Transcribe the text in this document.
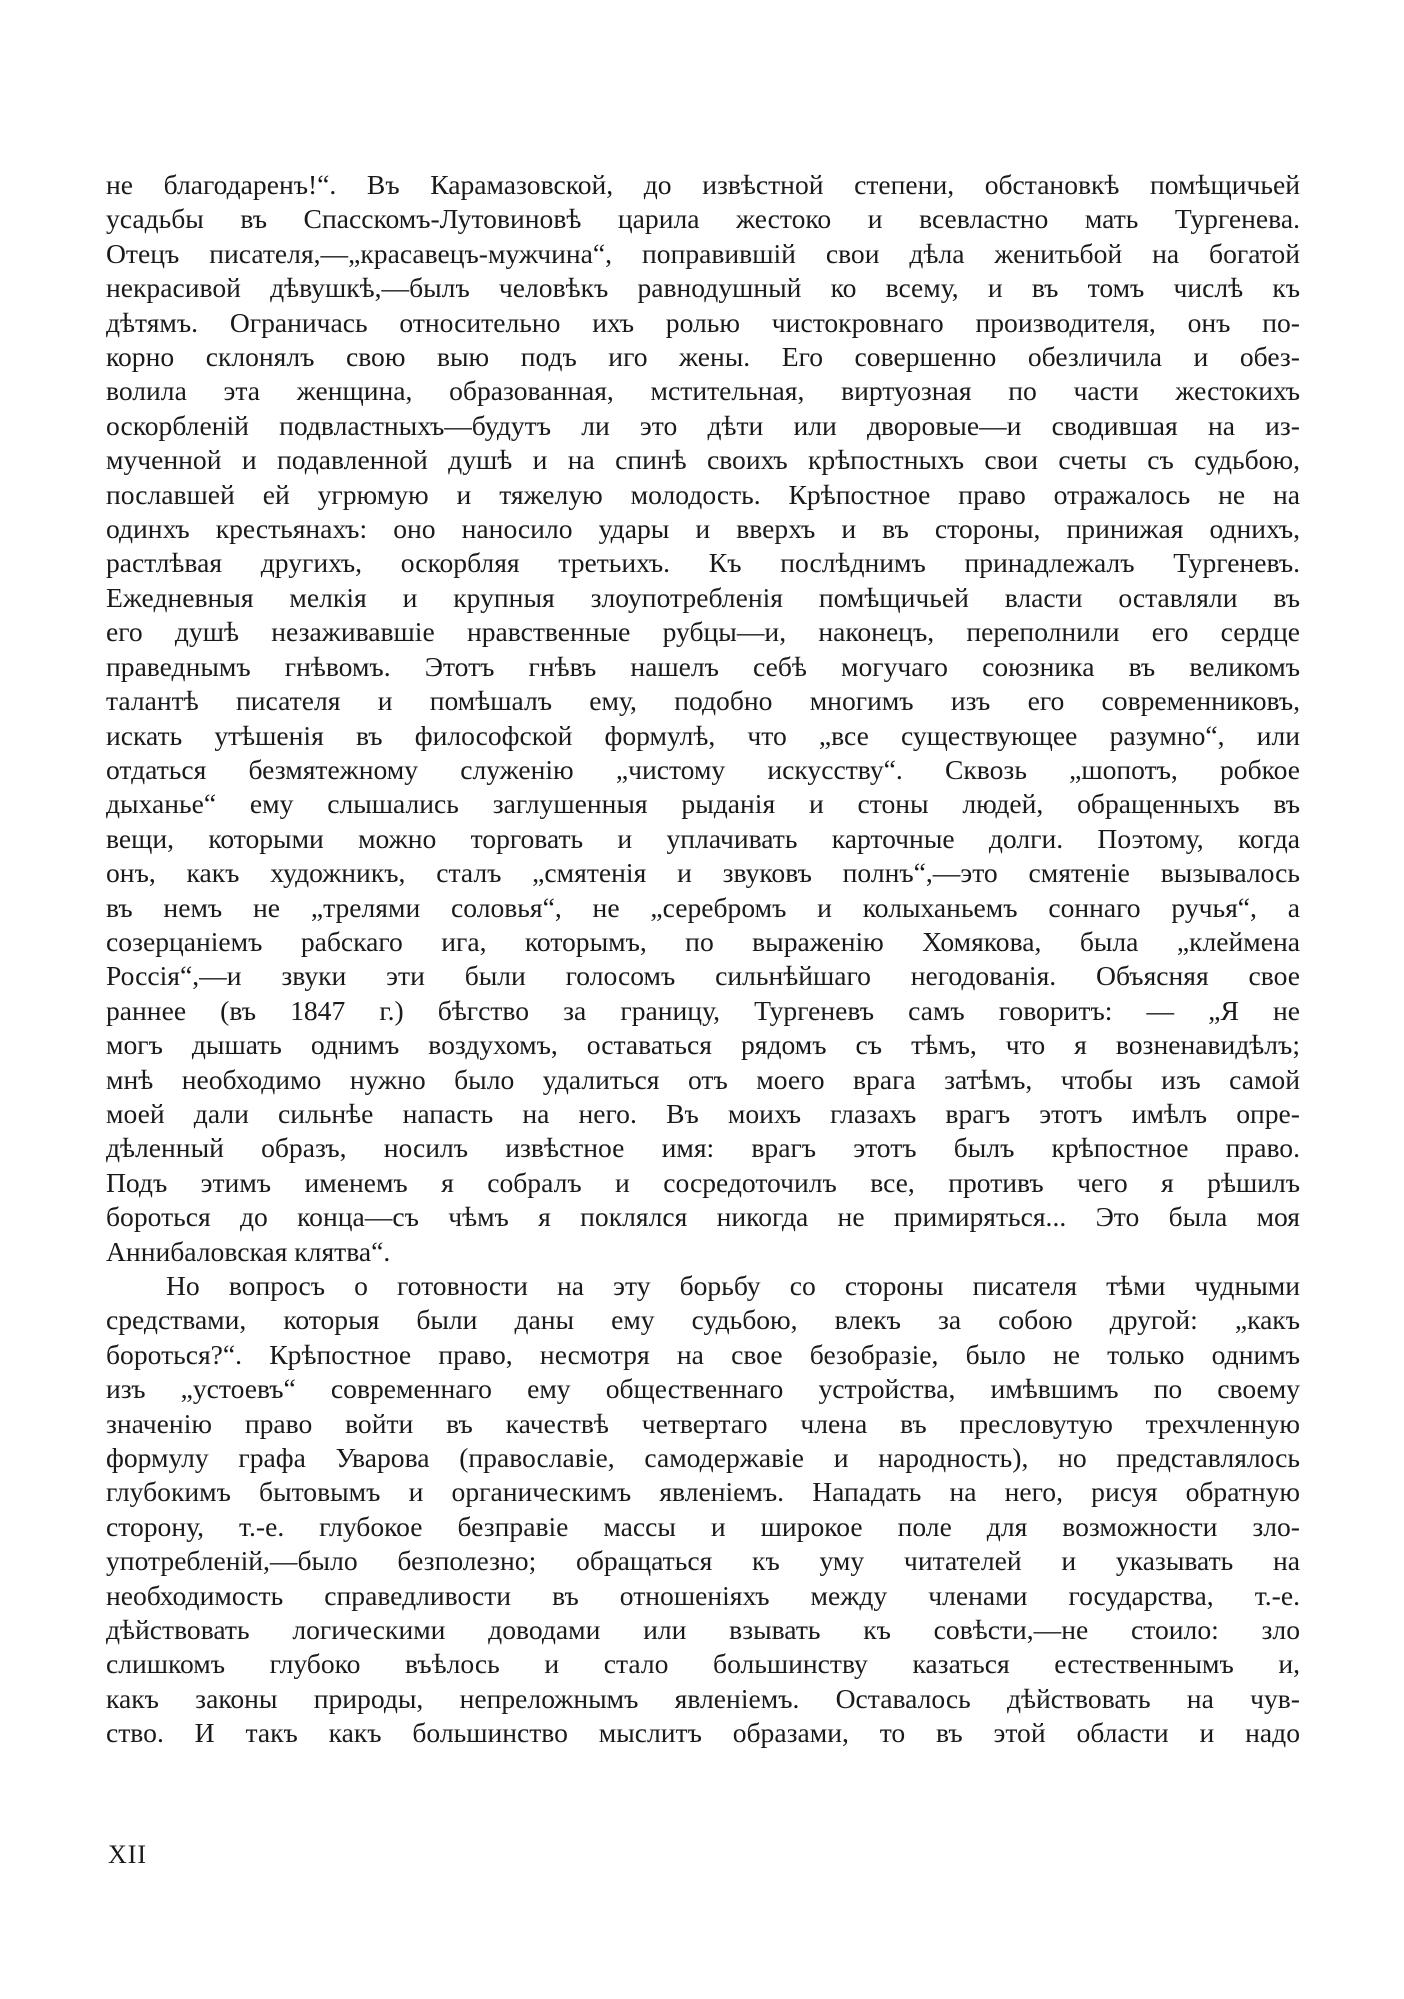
не благодаренъ!“. Въ Карамазовской, до извѣстной степени, обстановкѣ помѣщичьей
усадьбы въ Спасскомъ-Лутовиновѣ царила жестоко и всевластно мать Тургенева.
Отецъ писателя,—„красавецъ-мужчина“, поправившій свои дѣла женитьбой на богатой
некрасивой дѣвушкѣ,—былъ человѣкъ равнодушный ко всему, и въ томъ числѣ къ
дѣтямъ. Ограничась относительно ихъ ролью чистокровнаго производителя, онъ по-
корно склонялъ свою выю подъ иго жены. Его совершенно обезличила и обез-
волила эта женщина, образованная, мстительная, виртуозная по части жестокихъ
оскорбленій подвластныхъ—будутъ ли это дѣти или дворовые—и сводившая на из-
мученной и подавленной душѣ и на спинѣ своихъ крѣпостныхъ свои счеты съ судьбою,
пославшей ей угрюмую и тяжелую молодость. Крѣпостное право отражалось не на
одинхъ крестьянахъ: оно наносило удары и вверхъ и въ стороны, принижая однихъ,
растлѣвая другихъ, оскорбляя третьихъ. Къ послѣднимъ принадлежалъ Тургеневъ.
Ежедневныя мелкія и крупныя злоупотребленія помѣщичьей власти оставляли въ
его душѣ незаживавшіе нравственные рубцы—и, наконецъ, переполнили его сердце
праведнымъ гнѣвомъ. Этотъ гнѣвъ нашелъ себѣ могучаго союзника въ великомъ
талантѣ писателя и помѣшалъ ему, подобно многимъ изъ его современниковъ,
искать утѣшенія въ философской формулѣ, что „все существующее разумно“, или
отдаться безмятежному служенію „чистому искусству“. Сквозь „шопотъ, робкое
дыханье“ ему слышались заглушенныя рыданія и стоны людей, обращенныхъ въ
вещи, которыми можно торговать и уплачивать карточные долги. Поэтому, когда
онъ, какъ художникъ, сталъ „смятенія и звуковъ полнъ“,—это смятеніе вызывалось
въ немъ не „трелями соловья“, не „серебромъ и колыханьемъ соннаго ручья“, а
созерцаніемъ рабскаго ига, которымъ, по выраженію Хомякова, была „клеймена
Россія“,—и звуки эти были голосомъ сильнѣйшаго негодованія. Объясняя свое
раннее (въ 1847 г.) бѣгство за границу, Тургеневъ самъ говоритъ: — „Я не
могъ дышать однимъ воздухомъ, оставаться рядомъ съ тѣмъ, что я возненавидѣлъ;
мнѣ необходимо нужно было удалиться отъ моего врага затѣмъ, чтобы изъ самой
моей дали сильнѣе напасть на него. Въ моихъ глазахъ врагъ этотъ имѣлъ опре-
дѣленный образъ, носилъ извѣстное имя: врагъ этотъ былъ крѣпостное право.
Подъ этимъ именемъ я собралъ и сосредоточилъ все, противъ чего я рѣшилъ
бороться до конца—съ чѣмъ я поклялся никогда не примиряться... Это была моя
Аннибаловская клятва“.

Но вопросъ о готовности на эту борьбу со стороны писателя тѣми чудными
средствами, которыя были даны ему судьбою, влекъ за собою другой: „какъ
бороться?“. Крѣпостное право, несмотря на свое безобразіе, было не только однимъ
изъ „устоевъ“ современнаго ему общественнаго устройства, имѣвшимъ по своему
значенію право войти въ качествѣ четвертаго члена въ пресловутую трехчленную
формулу графа Уварова (православіе, самодержавіе и народность), но представлялось
глубокимъ бытовымъ и органическимъ явленіемъ. Нападать на него, рисуя обратную
сторону, т.-е. глубокое безправіе массы и широкое поле для возможности зло-
употребленій,—было безполезно; обращаться къ уму читателей и указывать на
необходимость справедливости въ отношеніяхъ между членами государства, т.-е.
дѣйствовать логическими доводами или взывать къ совѣсти,—не стоило: зло
слишкомъ глубоко въѣлось и стало большинству казаться естественнымъ и,
какъ законы природы, непреложнымъ явленіемъ. Оставалось дѣйствовать на чув-
ство. И такъ какъ большинство мыслитъ образами, то въ этой области и надо

XII
